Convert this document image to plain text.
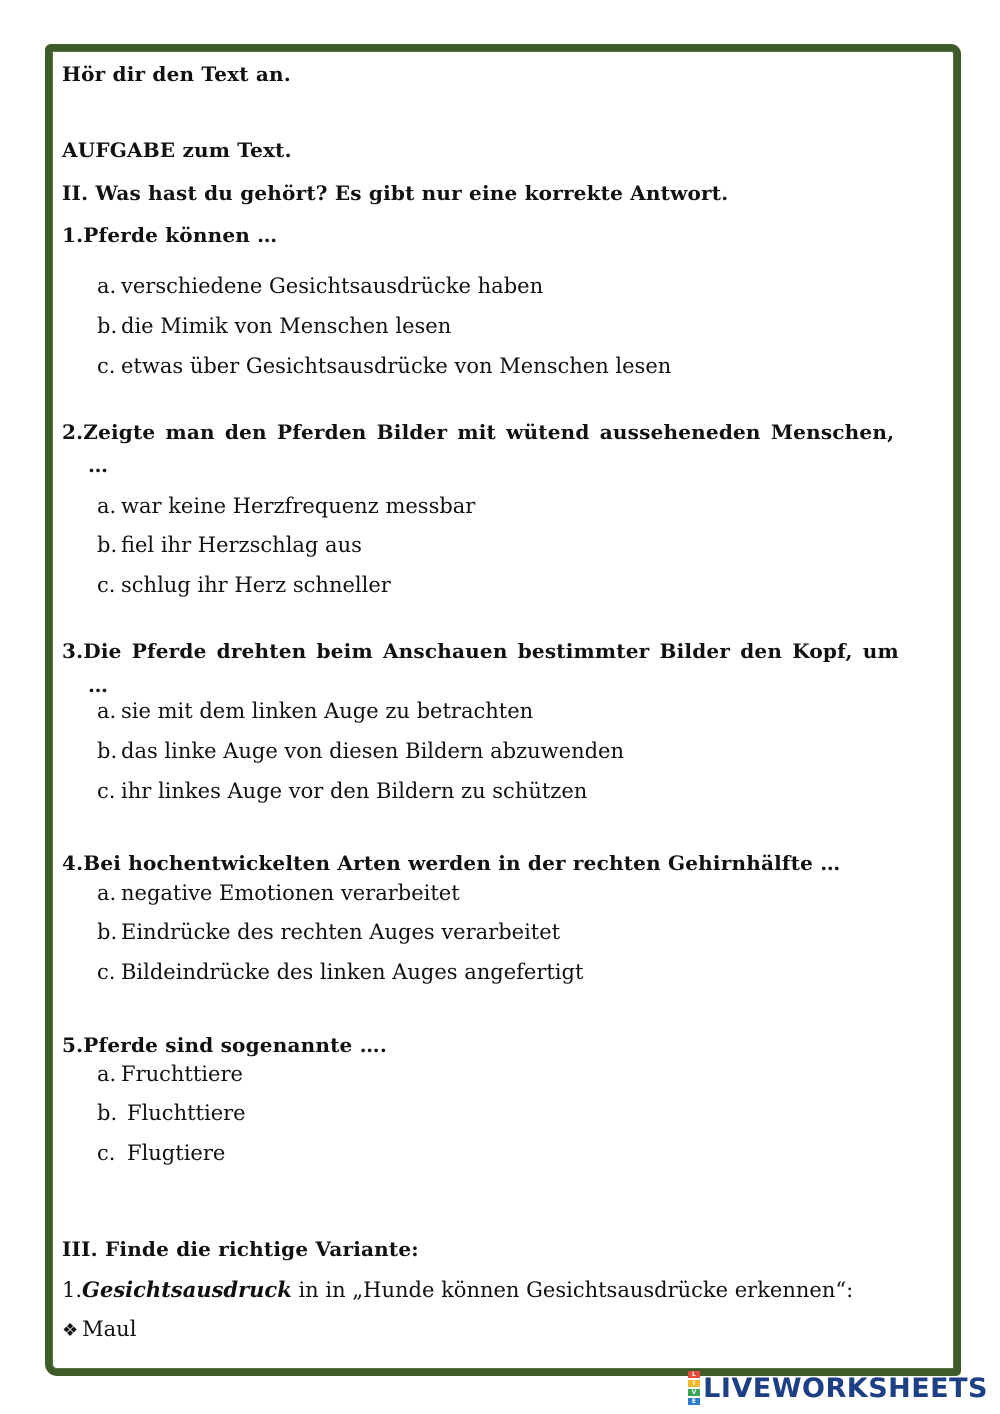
Hör dir den Text an.
AUFGABE zum Text.
II. Was hast du gehört? Es gibt nur eine korrekte Antwort.
1.Pferde können …
a. verschiedene Gesichtsausdrücke haben
b. die Mimik von Menschen lesen
c. etwas über Gesichtsausdrücke von Menschen lesen
2.Zeigte man den Pferden Bilder mit wütend ausseheneden Menschen,
…
a. war keine Herzfrequenz messbar
b. fiel ihr Herzschlag aus
c. schlug ihr Herz schneller
3.Die Pferde drehten beim Anschauen bestimmter Bilder den Kopf, um
…
a. sie mit dem linken Auge zu betrachten
b. das linke Auge von diesen Bildern abzuwenden
c. ihr linkes Auge vor den Bildern zu schützen
4.Bei hochentwickelten Arten werden in der rechten Gehirnhälfte …
a. negative Emotionen verarbeitet
b. Eindrücke des rechten Auges verarbeitet
c. Bildeindrücke des linken Auges angefertigt
5.Pferde sind sogenannte ….
a. Fruchttiere
b. Fluchttiere
c. Flugtiere
III. Finde die richtige Variante:
1.Gesichtsausdruck in in „Hunde können Gesichtsausdrücke erkennen“:
❖ Maul
L
I
V
E LIVEWORKSHEETS
